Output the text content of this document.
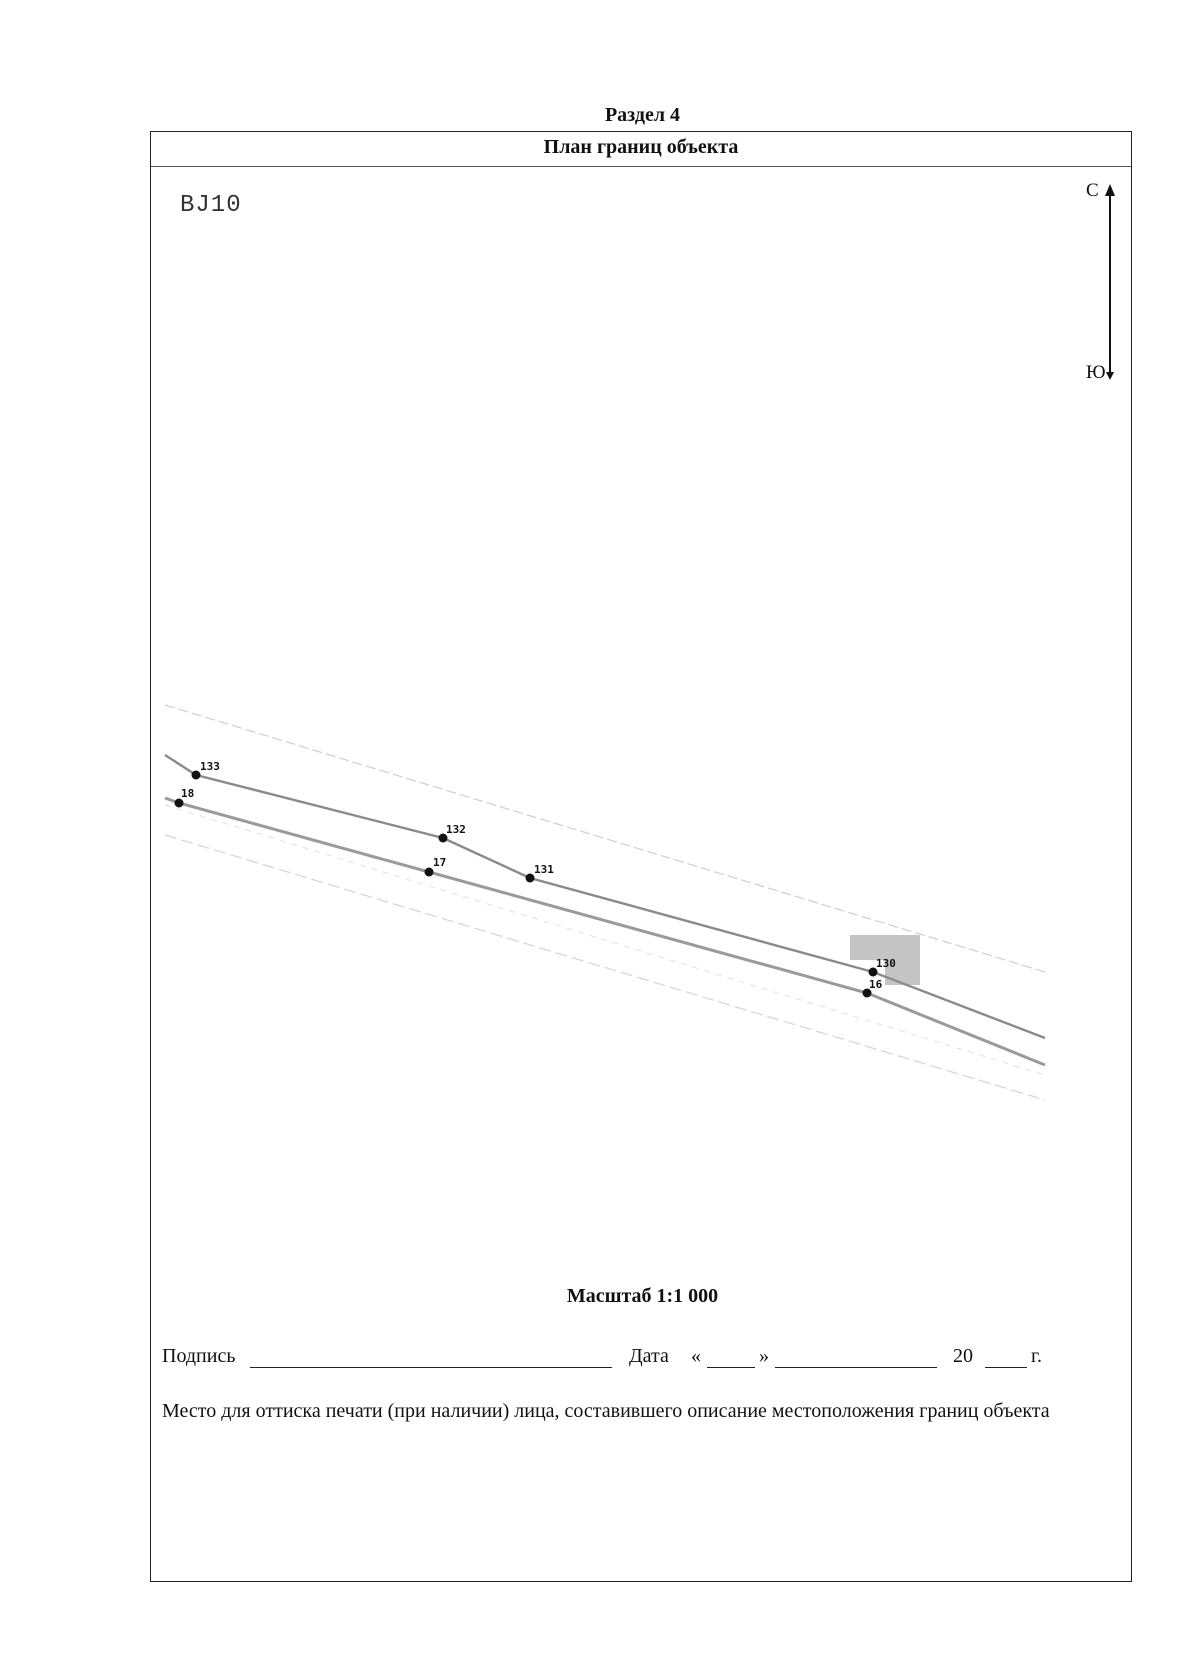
Раздел 4
План границ объекта
BJ10
С
Ю
133
18
132
17
131
130
16
Масштаб 1:1 000
Подпись	Дата «	»	20	г.
Место для оттиска печати (при наличии) лица, составившего описание местоположения границ объекта
